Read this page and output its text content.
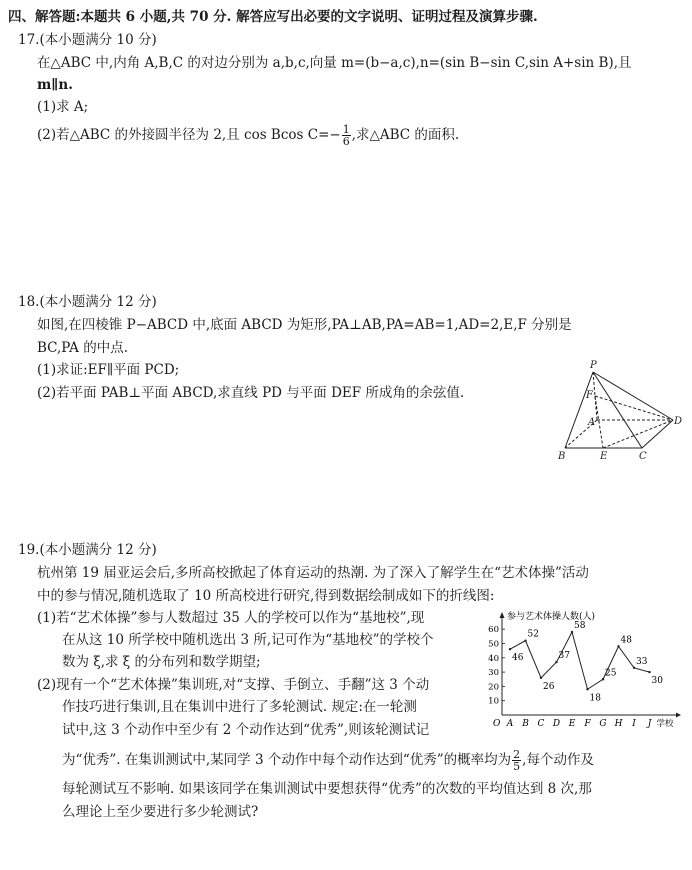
四、解答题:本题共 6 小题,共 70 分. 解答应写出必要的文字说明、证明过程及演算步骤.
17.(本小题满分 10 分)
在△ABC 中,内角 A,B,C 的对边分别为 a,b,c,向量 m=(b−a,c),n=(sin B−sin C,sin A+sin B),且
m∥n.
(1)求 A;
(2)若△ABC 的外接圆半径为 2,且 cos Bcos $C=- \frac{1}{6}$ ,求△ABC 的面积.
18.(本小题满分 12 分)
如图,在四棱锥 P−ABCD 中,底面 ABCD 为矩形,PA⊥AB,PA=AB=1,AD=2,E,F 分别是
BC,PA 的中点.
(1)求证:EF∥平面 PCD;
(2)若平面 PAB⊥平面 ABCD,求直线 PD 与平面 DEF 所成角的余弦值.
P
F
A	D
B	E	C
19.(本小题满分 12 分)
杭州第 19 届亚运会后,多所高校掀起了体育运动的热潮. 为了深入了解学生在“艺术体操”活动
中的参与情况,随机选取了 10 所高校进行研究,得到数据绘制成如下的折线图:
(1)若“艺术体操”参与人数超过 35 人的学校可以作为“基地校”,现
在从这 10 所学校中随机选出 3 所,记可作为“基地校”的学校个
数为 ξ,求 ξ 的分布列和数学期望;
(2)现有一个“艺术体操”集训班,对“支撑、手倒立、手翻”这 3 个动
作技巧进行集训,且在集训中进行了多轮测试. 规定:在一轮测
试中,这 3 个动作中至少有 2 个动作达到“优秀”,则该轮测试记
为“优秀”. 在集训测试中,某同学 3 个动作中每个动作达到“优秀”的概率均为 $\frac{2}{5}$ ,每个动作及
每轮测试互不影响. 如果该同学在集训测试中要想获得“优秀”的次数的平均值达到 8 次,那
么理论上至少要进行多少轮测试?
参与艺术体操人数(人)
O
10
20
30
40
50
60
A B C D E F G H I J 学校
46
52
26
37
58
18
25
48
33
30
